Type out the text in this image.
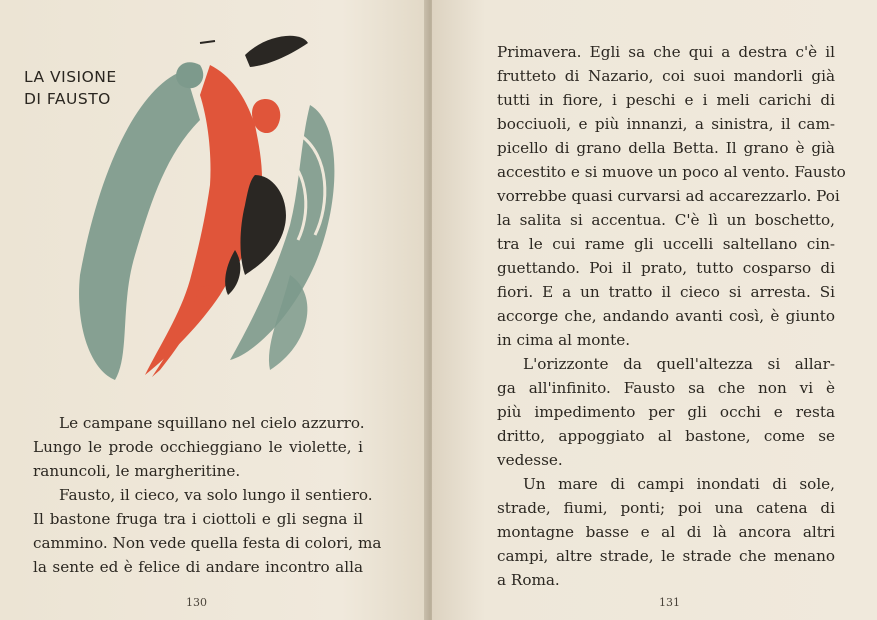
LA VISIONE
DI FAUSTO

Le campane squillano nel cielo azzurro.
Lungo le prode occhieggiano le violette, i
ranuncoli, le margheritine.

Fausto, il cieco, va solo lungo il sentiero.
Il bastone fruga tra i ciottoli e gli segna il
cammino. Non vede quella festa di colori, ma
la sente ed è felice di andare incontro alla

130

Primavera. Egli sa che qui a destra c'è il
frutteto di Nazario, coi suoi mandorli già
tutti in fiore, i peschi e i meli carichi di
bocciuoli, e più innanzi, a sinistra, il cam-
picello di grano della Betta. Il grano è già
accestito e si muove un poco al vento. Fausto
vorrebbe quasi curvarsi ad accarezzarlo. Poi
la salita si accentua. C'è lì un boschetto,
tra le cui rame gli uccelli saltellano cin-
guettando. Poi il prato, tutto cosparso di
fiori. E a un tratto il cieco si arresta. Si
accorge che, andando avanti così, è giunto
in cima al monte.

L'orizzonte da quell'altezza si allar-
ga all'infinito. Fausto sa che non vi è
più impedimento per gli occhi e resta
dritto, appoggiato al bastone, come se
vedesse.

Un mare di campi inondati di sole,
strade, fiumi, ponti; poi una catena di
montagne basse e al di là ancora altri
campi, altre strade, le strade che menano
a Roma.

131
